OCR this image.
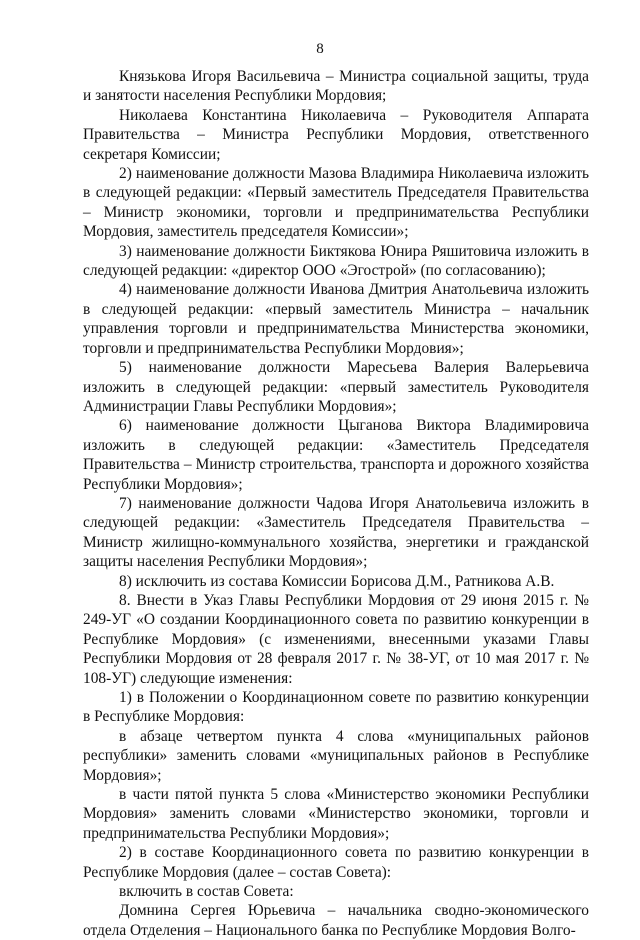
8

Князькова Игоря Васильевича – Министра социальной защиты, труда и занятости населения Республики Мордовия;

Николаева Константина Николаевича – Руководителя Аппарата Правительства – Министра Республики Мордовия, ответственного секретаря Комиссии;

2) наименование должности Мазова Владимира Николаевича изложить в следующей редакции: «Первый заместитель Председателя Правительства – Министр экономики, торговли и предпринимательства Республики Мордовия, заместитель председателя Комиссии»;

3) наименование должности Биктякова Юнира Ряшитовича изложить в следующей редакции: «директор ООО «Эгострой» (по согласованию);

4) наименование должности Иванова Дмитрия Анатольевича изложить в следующей редакции: «первый заместитель Министра – начальник управления торговли и предпринимательства Министерства экономики, торговли и предпринимательства Республики Мордовия»;

5) наименование должности Мaресьева Валерия Валерьевича изложить в следующей редакции: «первый заместитель Руководителя Администрации Главы Республики Мордовия»;

6) наименование должности Цыганова Виктора Владимировича изложить в следующей редакции: «Заместитель Председателя Правительства – Министр строительства, транспорта и дорожного хозяйства Республики Мордовия»;

7) наименование должности Чадова Игоря Анатольевича изложить в следующей редакции: «Заместитель Председателя Правительства – Министр жилищно-коммунального хозяйства, энергетики и гражданской защиты населения Республики Мордовия»;

8) исключить из состава Комиссии Борисова Д.М., Ратникова А.В.

8. Внести в Указ Главы Республики Мордовия от 29 июня 2015 г. № 249-УГ «О создании Координационного совета по развитию конкуренции в Республике Мордовия» (с изменениями, внесенными указами Главы Республики Мордовия от 28 февраля 2017 г. № 38-УГ, от 10 мая 2017 г. № 108-УГ) следующие изменения:

1) в Положении о Координационном совете по развитию конкуренции в Республике Мордовия:

в абзаце четвертом пункта 4 слова «муниципальных районов республики» заменить словами «муниципальных районов в Республике Мордовия»;

в части пятой пункта 5 слова «Министерство экономики Республики Мордовия» заменить словами «Министерство экономики, торговли и предпринимательства Республики Мордовия»;

2) в составе Координационного совета по развитию конкуренции в Республике Мордовия (далее – состав Совета):

включить в состав Совета:

Домнина Сергея Юрьевича – начальника сводно-экономического отдела Отделения – Национального банка по Республике Мордовия Волго-
